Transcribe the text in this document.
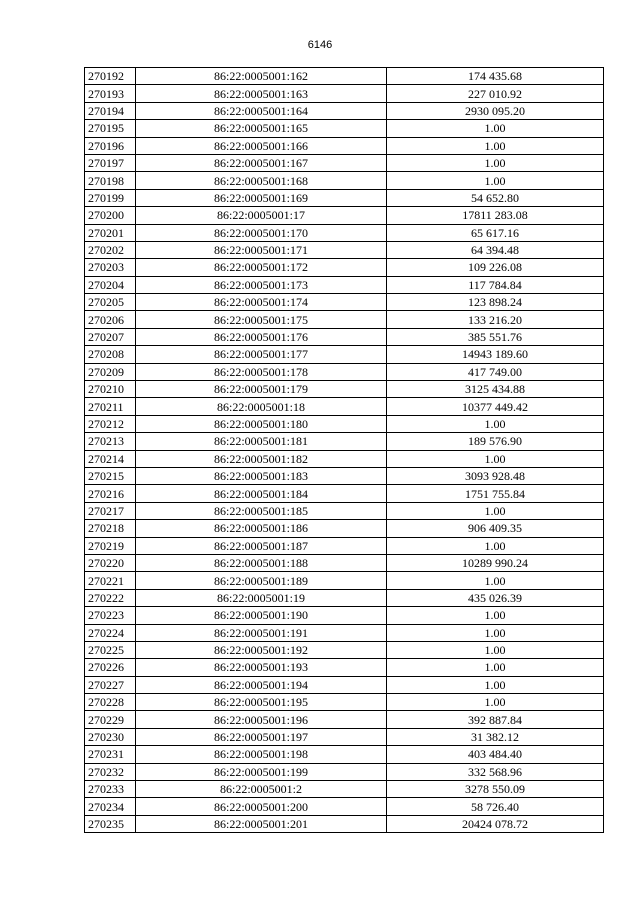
6146
270192	86:22:0005001:162	174 435.68
270193	86:22:0005001:163	227 010.92
270194	86:22:0005001:164	2930 095.20
270195	86:22:0005001:165	1.00
270196	86:22:0005001:166	1.00
270197	86:22:0005001:167	1.00
270198	86:22:0005001:168	1.00
270199	86:22:0005001:169	54 652.80
270200	86:22:0005001:17	17811 283.08
270201	86:22:0005001:170	65 617.16
270202	86:22:0005001:171	64 394.48
270203	86:22:0005001:172	109 226.08
270204	86:22:0005001:173	117 784.84
270205	86:22:0005001:174	123 898.24
270206	86:22:0005001:175	133 216.20
270207	86:22:0005001:176	385 551.76
270208	86:22:0005001:177	14943 189.60
270209	86:22:0005001:178	417 749.00
270210	86:22:0005001:179	3125 434.88
270211	86:22:0005001:18	10377 449.42
270212	86:22:0005001:180	1.00
270213	86:22:0005001:181	189 576.90
270214	86:22:0005001:182	1.00
270215	86:22:0005001:183	3093 928.48
270216	86:22:0005001:184	1751 755.84
270217	86:22:0005001:185	1.00
270218	86:22:0005001:186	906 409.35
270219	86:22:0005001:187	1.00
270220	86:22:0005001:188	10289 990.24
270221	86:22:0005001:189	1.00
270222	86:22:0005001:19	435 026.39
270223	86:22:0005001:190	1.00
270224	86:22:0005001:191	1.00
270225	86:22:0005001:192	1.00
270226	86:22:0005001:193	1.00
270227	86:22:0005001:194	1.00
270228	86:22:0005001:195	1.00
270229	86:22:0005001:196	392 887.84
270230	86:22:0005001:197	31 382.12
270231	86:22:0005001:198	403 484.40
270232	86:22:0005001:199	332 568.96
270233	86:22:0005001:2	3278 550.09
270234	86:22:0005001:200	58 726.40
270235	86:22:0005001:201	20424 078.72
